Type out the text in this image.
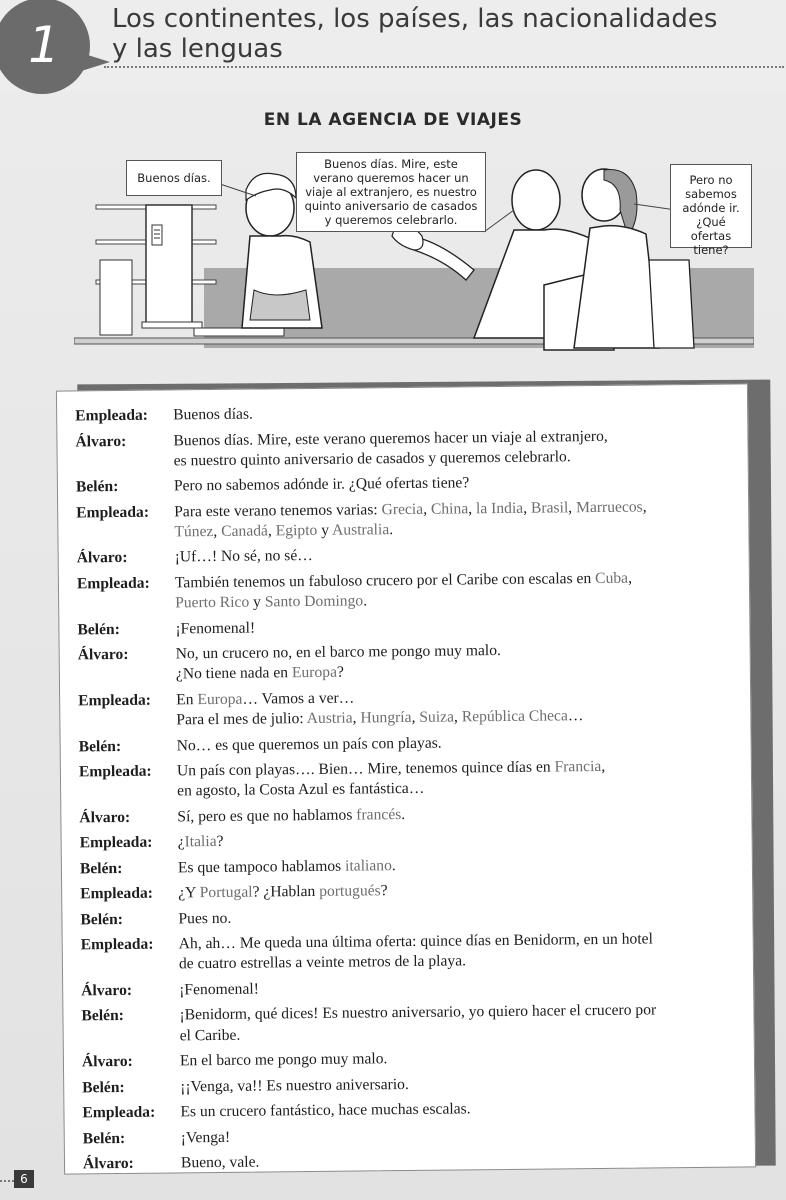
1 Los continentes, los países, las nacionalidades
y las lenguas
EN LA AGENCIA DE VIAJES
Buenos días.
Buenos días. Mire, este verano queremos hacer un viaje al extranjero, es nuestro quinto aniversario de casados y queremos celebrarlo.
Pero no sabemos adónde ir. ¿Qué ofertas tiene?
Empleada:	Buenos días.
Álvaro:	Buenos días. Mire, este verano queremos hacer un viaje al extranjero,
es nuestro quinto aniversario de casados y queremos celebrarlo.
Belén:	Pero no sabemos adónde ir. ¿Qué ofertas tiene?
Empleada:	Para este verano tenemos varias: Grecia, China, la India, Brasil, Marruecos,
Túnez, Canadá, Egipto y Australia.
Álvaro:	¡Uf…! No sé, no sé…
Empleada:	También tenemos un fabuloso crucero por el Caribe con escalas en Cuba,
Puerto Rico y Santo Domingo.
Belén:	¡Fenomenal!
Álvaro:	No, un crucero no, en el barco me pongo muy malo.
¿No tiene nada en Europa?
Empleada:	En Europa… Vamos a ver…
Para el mes de julio: Austria, Hungría, Suiza, República Checa…
Belén:	No… es que queremos un país con playas.
Empleada:	Un país con playas…. Bien… Mire, tenemos quince días en Francia,
en agosto, la Costa Azul es fantástica…
Álvaro:	Sí, pero es que no hablamos francés.
Empleada:	¿Italia?
Belén:	Es que tampoco hablamos italiano.
Empleada:	¿Y Portugal? ¿Hablan portugués?
Belén:	Pues no.
Empleada:	Ah, ah… Me queda una última oferta: quince días en Benidorm, en un hotel
de cuatro estrellas a veinte metros de la playa.
Álvaro:	¡Fenomenal!
Belén:	¡Benidorm, qué dices! Es nuestro aniversario, yo quiero hacer el crucero por
el Caribe.
Álvaro:	En el barco me pongo muy malo.
Belén:	¡¡Venga, va!! Es nuestro aniversario.
Empleada:	Es un crucero fantástico, hace muchas escalas.
Belén:	¡Venga!
Álvaro:	Bueno, vale.
6
